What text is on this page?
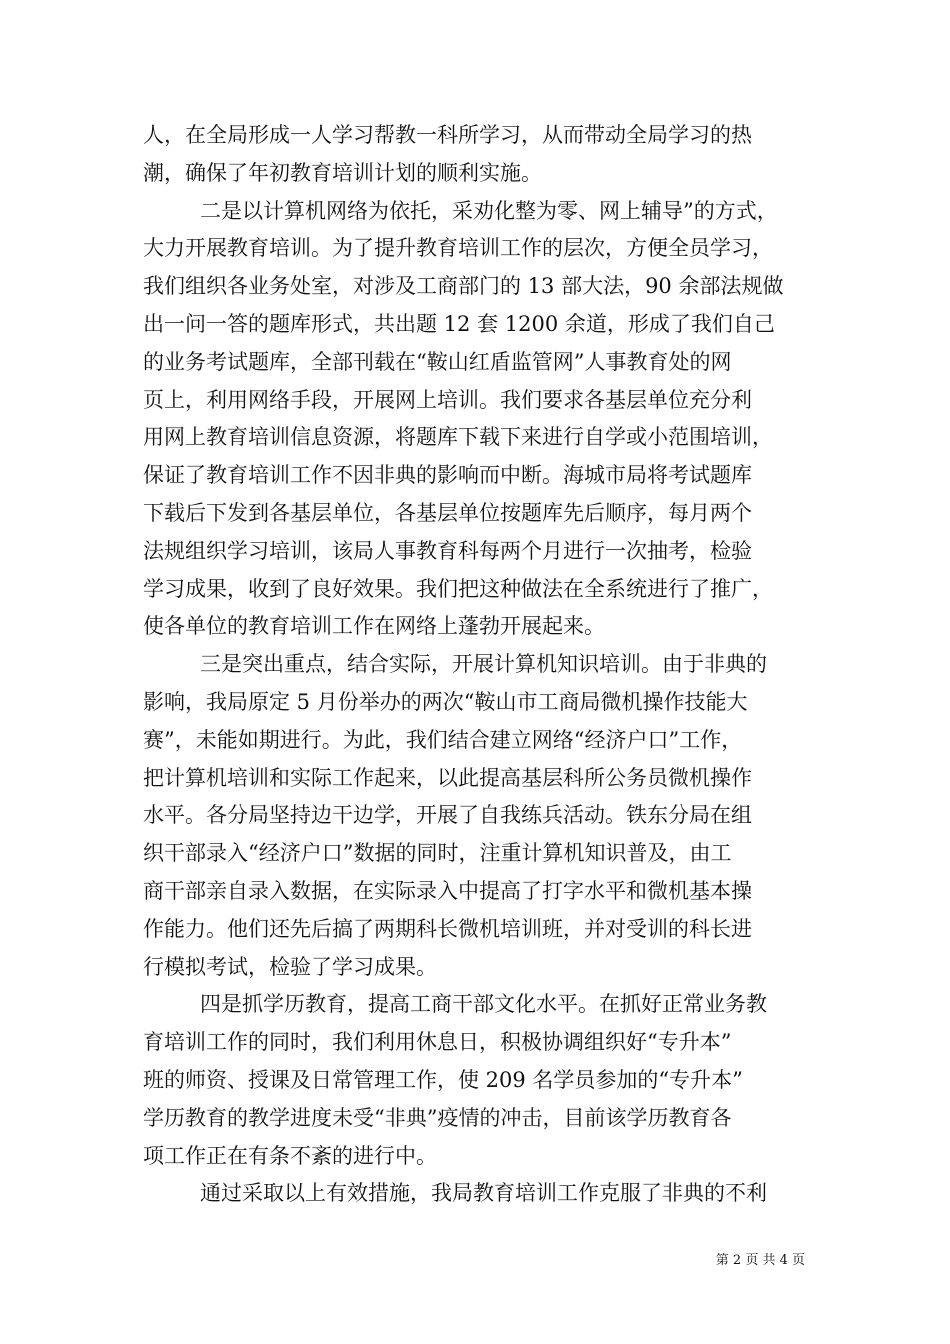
人，在全局形成一人学习帮教一科所学习，从而带动全局学习的热
潮，确保了年初教育培训计划的顺利实施。
二是以计算机网络为依托，采劝化整为零、网上辅导”的方式，
大力开展教育培训。为了提升教育培训工作的层次，方便全员学习，
我们组织各业务处室，对涉及工商部门的 13 部大法，90 余部法规做
出一问一答的题库形式，共出题 12 套 1200 余道，形成了我们自己
的业务考试题库，全部刊载在“鞍山红盾监管网”人事教育处的网
页上，利用网络手段，开展网上培训。我们要求各基层单位充分利
用网上教育培训信息资源，将题库下载下来进行自学或小范围培训，
保证了教育培训工作不因非典的影响而中断。海城市局将考试题库
下载后下发到各基层单位，各基层单位按题库先后顺序，每月两个
法规组织学习培训，该局人事教育科每两个月进行一次抽考，检验
学习成果，收到了良好效果。我们把这种做法在全系统进行了推广，
使各单位的教育培训工作在网络上蓬勃开展起来。
三是突出重点，结合实际，开展计算机知识培训。由于非典的
影响，我局原定 5 月份举办的两次“鞍山市工商局微机操作技能大
赛”，未能如期进行。为此，我们结合建立网络“经济户口”工作，
把计算机培训和实际工作起来，以此提高基层科所公务员微机操作
水平。各分局坚持边干边学，开展了自我练兵活动。铁东分局在组
织干部录入“经济户口”数据的同时，注重计算机知识普及，由工
商干部亲自录入数据，在实际录入中提高了打字水平和微机基本操
作能力。他们还先后搞了两期科长微机培训班，并对受训的科长进
行模拟考试，检验了学习成果。
四是抓学历教育，提高工商干部文化水平。在抓好正常业务教
育培训工作的同时，我们利用休息日，积极协调组织好“专升本”
班的师资、授课及日常管理工作，使 209 名学员参加的“专升本”
学历教育的教学进度未受“非典”疫情的冲击，目前该学历教育各
项工作正在有条不紊的进行中。
通过采取以上有效措施，我局教育培训工作克服了非典的不利
第 2 页 共 4 页
